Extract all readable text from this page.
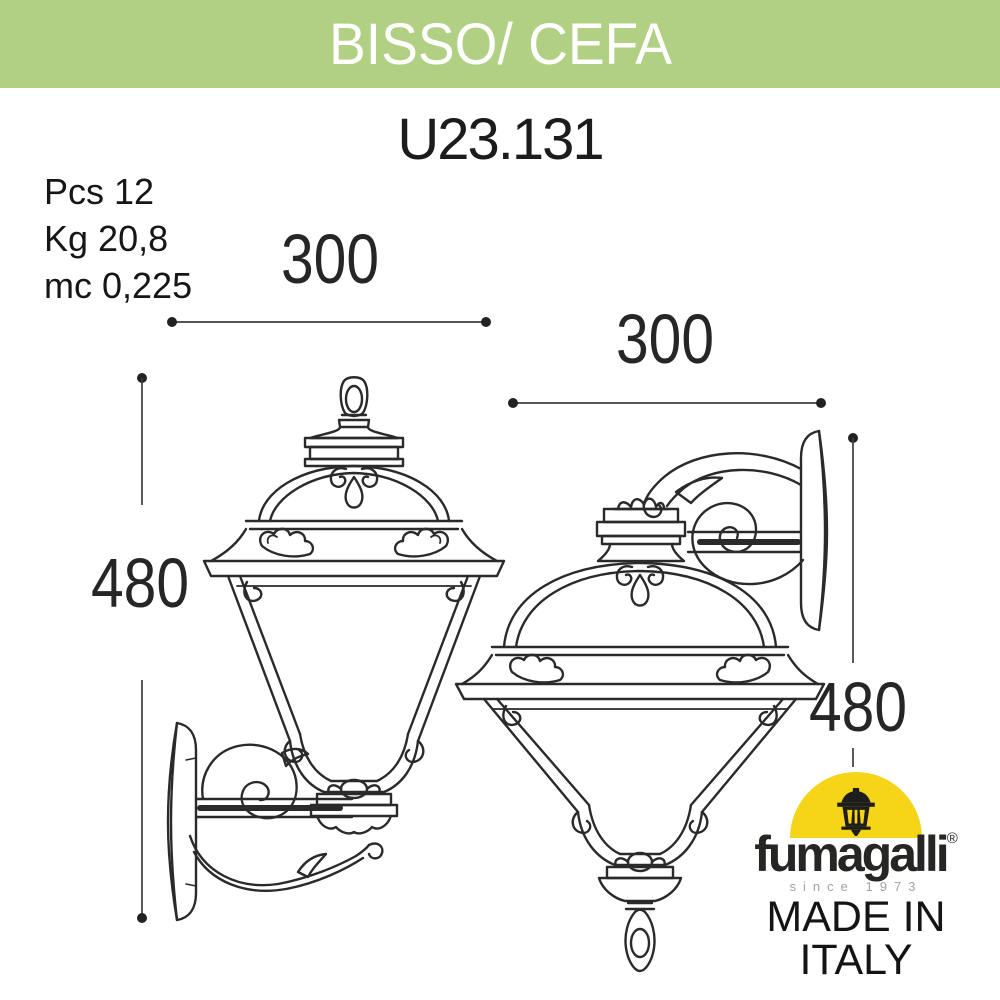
BISSO/ CEFA
U23.131
Pcs 12
Kg 20,8
mc 0,225	300
300
480
480
fumagalli®
since 1973
MADE IN
ITALY
